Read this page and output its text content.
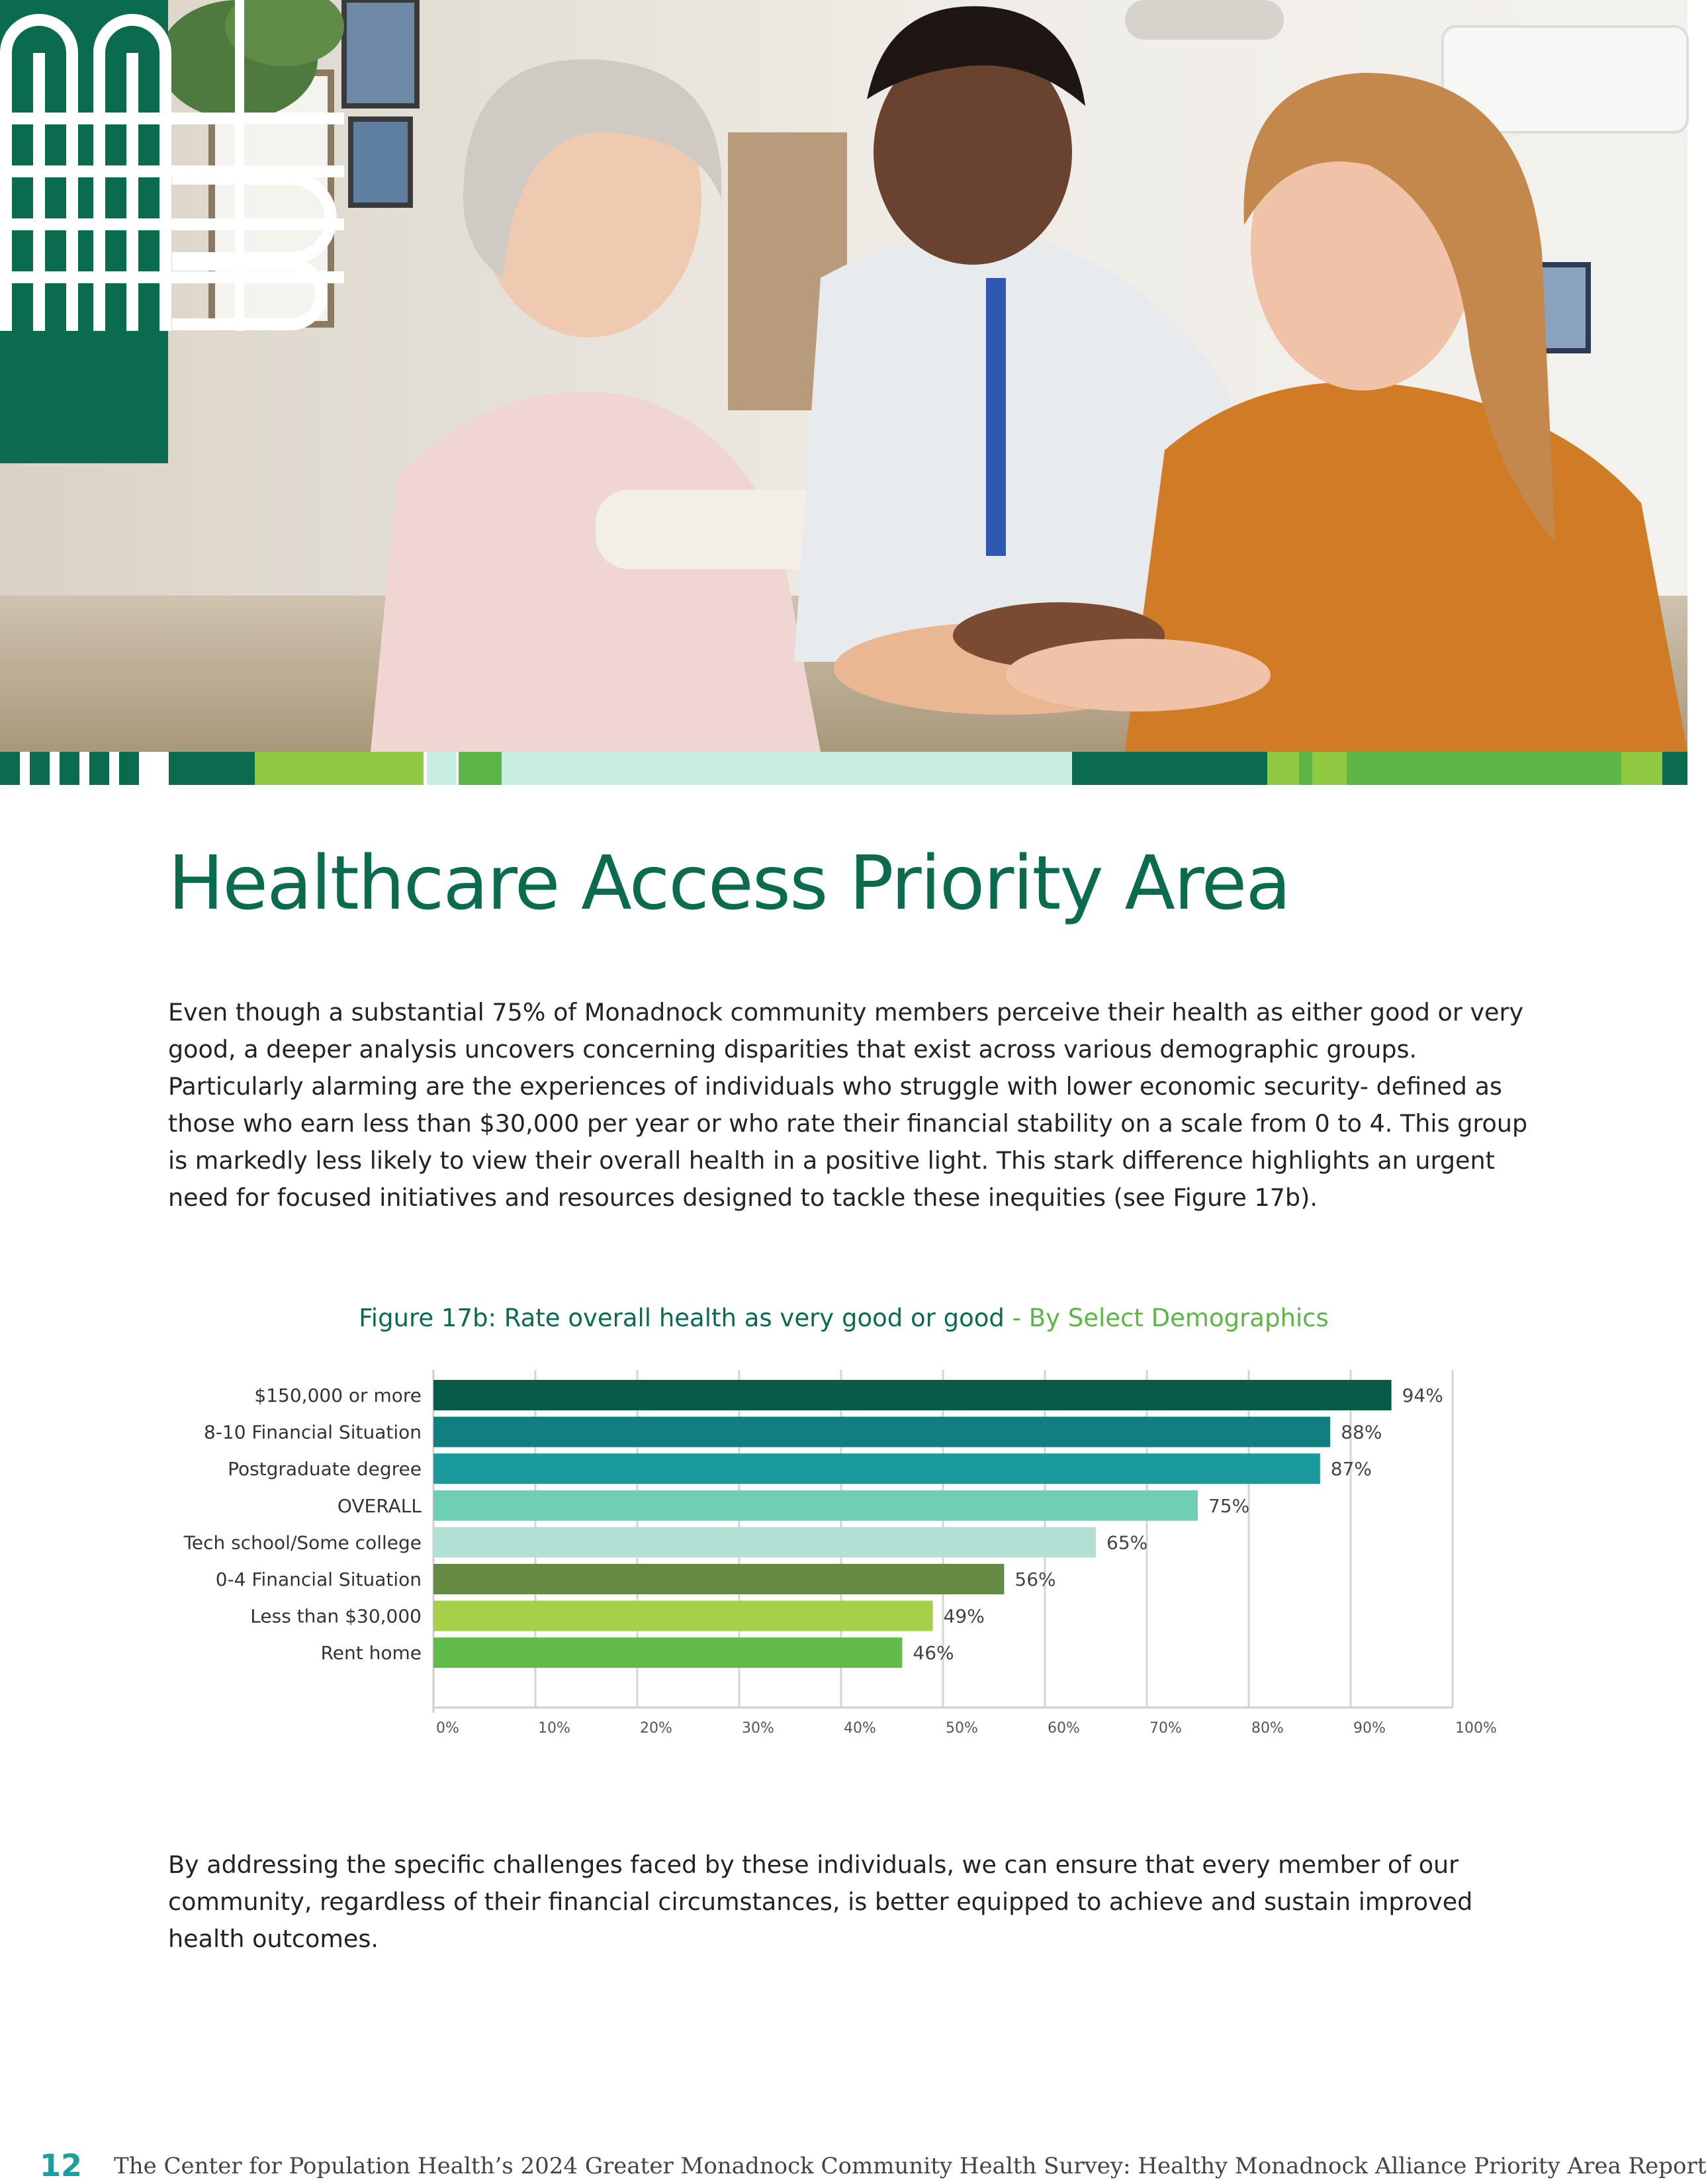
Healthcare Access Priority Area

Even though a substantial 75% of Monadnock community members perceive their health as either good or very good, a deeper analysis uncovers concerning disparities that exist across various demographic groups. Particularly alarming are the experiences of individuals who struggle with lower economic security- defined as those who earn less than $30,000 per year or who rate their financial stability on a scale from 0 to 4. This group is markedly less likely to view their overall health in a positive light. This stark difference highlights an urgent need for focused initiatives and resources designed to tackle these inequities (see Figure 17b).

Figure 17b: Rate overall health as very good or good - By Select Demographics
$150,000 or more	94%
8-10 Financial Situation	88%
Postgraduate degree	87%
OVERALL	75%
Tech school/Some college	65%
0-4 Financial Situation	56%
Less than $30,000	49%
Rent home	46%
0%	10%	20%	30%	40%	50%	60%	70%	80%	90%	100%

By addressing the specific challenges faced by these individuals, we can ensure that every member of our community, regardless of their financial circumstances, is better equipped to achieve and sustain improved health outcomes.

12 The Center for Population Health’s 2024 Greater Monadnock Community Health Survey: Healthy Monadnock Alliance Priority Area Report
